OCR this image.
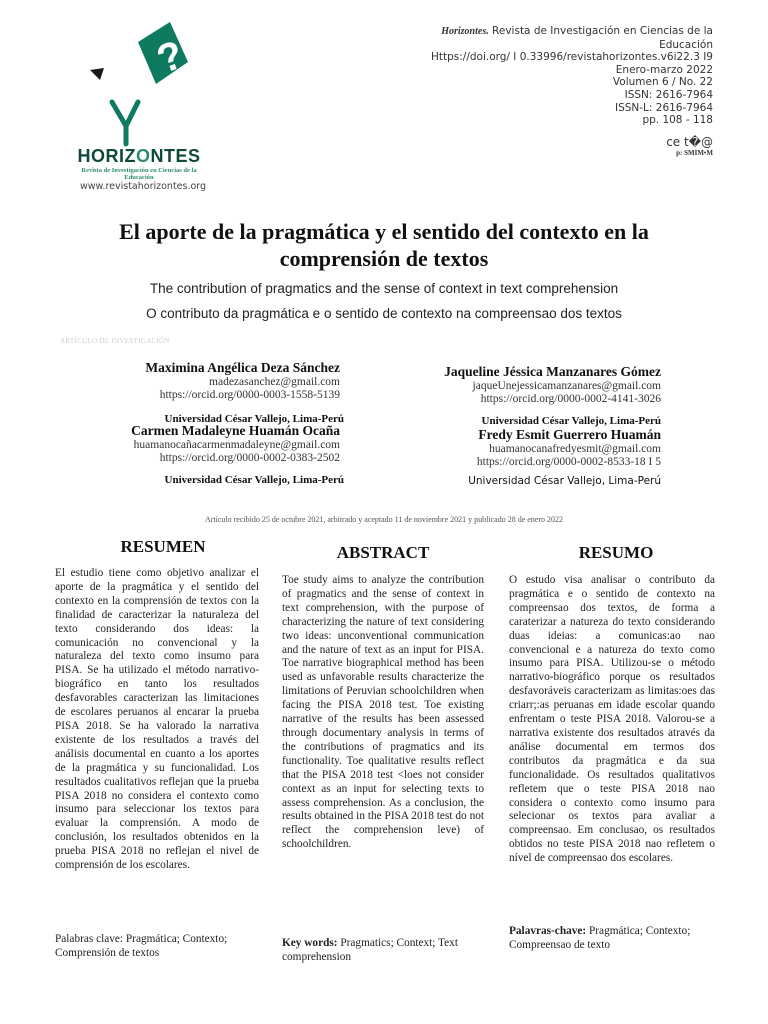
?
HORIZONTES
Revista de Investigación en Ciencias de la Educación
www.revistahorizontes.org
Horizontes. Revista de Investigación en Ciencias de la Educación
Https://doi.org/ I 0.33996/revistahorizontes.v6i22.3 I9
Enero-marzo 2022
Volumen 6 / No. 22
ISSN: 2616-7964
ISSN-L: 2616-7964
pp. 108 - 118
ce t�@
p: SMIM•M
El aporte de la pragmática y el sentido del contexto en la comprensión de textos
The contribution of pragmatics and the sense of context in text comprehension
O contributo da pragmática e o sentido de contexto na compreensao dos textos
ARTÍCULO DE INVESTIGACIÓN
Maximina Angélica Deza Sánchez
madezasanchez@gmail.com
https://orcid.org/0000-0003-1558-5139
Universidad César Vallejo, Lima-Perú
Carmen Madaleyne Huamán Ocaña
huamanocañacarmenmadaleyne@gmail.com
https://orcid.org/0000-0002-0383-2502
Universidad César Vallejo, Lima-Perú
Jaqueline Jéssica Manzanares Gómez
jaqueUnejessicamanzanares@gmail.com
https://orcid.org/0000-0002-4141-3026
Universidad César Vallejo, Lima-Perú
Fredy Esmit Guerrero Huamán
huamanocanafredyesmit@gmail.com
https://orcid.org/0000-0002-8533-18 I 5
Universidad César Vallejo, Lima-Perú
Artículo recibido 25 de octubre 2021, arbitrado y aceptado 11 de noviembre 2021 y publicado 28 de enero 2022
RESUMEN

El estudio tiene como objetivo analizar el aporte de la pragmática y el sentido del contexto en la comprensión de textos con la finalidad de caracterizar la naturaleza del texto considerando dos ideas: la comunicación no convencional y la naturaleza del texto como insumo para PISA. Se ha utilizado el método narrativo-biográfico en tanto los resultados desfavorables caracterizan las limitaciones de escolares peruanos al encarar la prueba PISA 2018. Se ha valorado la narrativa existente de los resultados a través del análisis documental en cuanto a los aportes de la pragmática y su funcionalidad. Los resultados cualitativos reflejan que la prueba PISA 2018 no considera el contexto como insumo para seleccionar los textos para evaluar la comprensión. A modo de conclusión, los resultados obtenidos en la prueba PISA 2018 no reflejan el nivel de comprensión de los escolares.

Palabras clave: Pragmática; Contexto; Comprensión de textos
ABSTRACT

Toe study aims to analyze the contribution of pragmatics and the sense of context in text comprehension, with the purpose of characterizing the nature of text considering two ideas: unconventional communication and the nature of text as an input for PISA. Toe narrative biographical method has been used as unfavorable results characterize the limitations of Peruvian schoolchildren when facing the PISA 2018 test. Toe existing narrative of the results has been assessed through documentary analysis in terms of the contributions of pragmatics and its functionality. Toe qualitative results reflect that the PISA 2018 test <loes not consider context as an input for selecting texts to assess comprehension. As a conclusion, the results obtained in the PISA 2018 test do not reflect the comprehension leve) of schoolchildren.

Key words: Pragmatics; Context; Text comprehension
RESUMO

O estudo visa analisar o contributo da pragmática e o sentido de contexto na compreensao dos textos, de forma a caraterizar a natureza do texto considerando duas ideias: a comunicas:ao nao convencional e a natureza do texto como insumo para PISA. Utilizou-se o método narrativo-biográfico porque os resultados desfavoráveis caracterizam as limitas:oes das criarr;:as peruanas em idade escolar quando enfrentam o teste PISA 2018. Valorou-se a narrativa existente dos resultados através da análise documental em termos dos contributos da pragmática e da sua funcionalidade. Os resultados qualitativos refletem que o teste PISA 2018 nao considera o contexto como insumo para selecionar os textos para avaliar a compreensao. Em conclusao, os resultados obtidos no teste PISA 2018 nao refletem o nível de compreensao dos escolares.

Palavras-chave: Pragmática; Contexto; Compreensao de texto
